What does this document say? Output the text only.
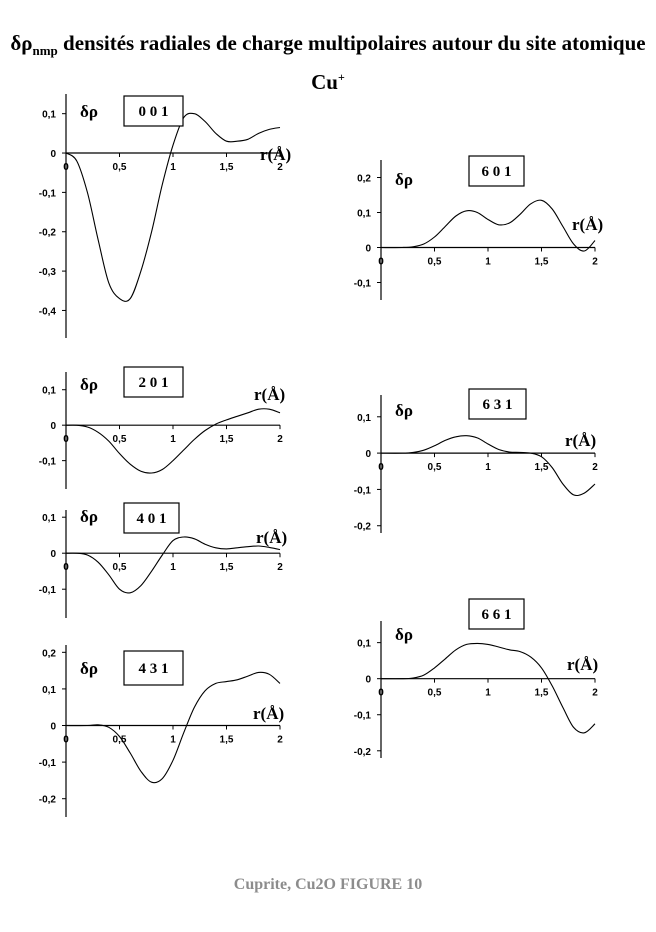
$\delta\rho_{nmp}$ densités radiales de charge multipolaires autour du site atomique Cu+
0,1
0
-0,1
-0,2
-0,3
-0,4
0	0,5	1	1,5	2
δρ
r(Å)
0 0 1
0,2
0,1
0
-0,1
0	0,5	1	1,5	2
δρ
r(Å)
6 0 1
0,1
0
-0,1
0	0,5	1	1,5	2
δρ
r(Å)
2 0 1
0,1
0
-0,1
-0,2
0	0,5	1	1,5	2
δρ
r(Å)
6 3 1
0,1
0
-0,1
0	0,5	1	1,5	2
δρ
r(Å)
4 0 1
0,1
0
-0,1
-0,2
0	0,5	1	1,5	2
δρ
r(Å)
6 6 1
0,2
0,1
0
-0,1
-0,2
0	0,5	1	1,5	2
δρ
r(Å)
4 3 1
Cuprite, Cu2O FIGURE 10
